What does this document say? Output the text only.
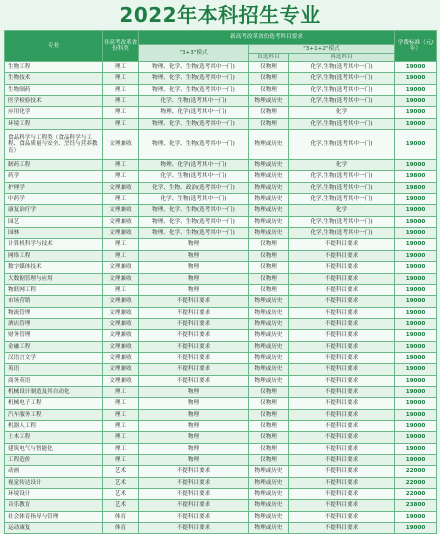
2022年本科招生专业
专业	非高考改革省份科类	新高考改革省份选考科目要求			学费标准（元/年）
		"3+3"模式	"3+1+2"模式		
			首选科目	再选科目	
生物工程	理工	物理、化学、生物(选考其中一门)	仅物理	化学,生物(选考其中一门)	19000
生物技术	理工	物理、化学、生物(选考其中一门)	仅物理	化学,生物(选考其中一门)	19000
生物制药	理工	物理、化学、生物(选考其中一门)	仅物理	化学,生物(选考其中一门)	19000
医学检验技术	理工	化学、生物(选考其中一门)	物理或历史	化学,生物(选考其中一门)	19000
应用化学	理工	物理、化学(选考其中一门)	仅物理	化学	19000
环境工程	理工	物理、化学、生物(选考其中一门)	仅物理	化学,生物(选考其中一门)	19000
食品科学与工程类（食品科学与工程、食品质量与安全、烹饪与营养教育）	文理兼收	物理、化学、生物(选考其中一门)	物理或历史	化学,生物(选考其中一门)	19000
制药工程	理工	物理、化学(选考其中一门)	物理或历史	化学	19000
药学	理工	化学、生物(选考其中一门)	物理或历史	化学,生物(选考其中一门)	19800
护理学	文理兼收	化学、生物、政治(选考其中一门)	物理或历史	化学,生物(选考其中一门)	19800
中药学	理工	化学、生物(选考其中一门)	物理或历史	化学,生物(选考其中一门)	19000
康复治疗学	文理兼收	物理、化学、生物(选考其中一门)	物理或历史	化学	19000
园艺	文理兼收	物理、化学、生物(选考其中一门)	物理或历史	化学,生物(选考其中一门)	19000
园林	文理兼收	物理、化学、生物(选考其中一门)	物理或历史	化学,生物(选考其中一门)	19000
计算机科学与技术	理工	物理	仅物理	不提科目要求	19000
网络工程	理工	物理	仅物理	不提科目要求	19000
数字媒体技术	文理兼收	物理	仅物理	不提科目要求	19000
大数据管理与应用	文理兼收	物理	仅物理	不提科目要求	19000
物联网工程	理工	物理	仅物理	不提科目要求	19000
市场营销	文理兼收	不提科目要求	物理或历史	不提科目要求	19000
物流管理	文理兼收	不提科目要求	物理或历史	不提科目要求	19000
酒店管理	文理兼收	不提科目要求	物理或历史	不提科目要求	19000
财务管理	文理兼收	不提科目要求	物理或历史	不提科目要求	19000
金融工程	文理兼收	不提科目要求	物理或历史	不提科目要求	19000
汉语言文学	文理兼收	不提科目要求	物理或历史	不提科目要求	19000
英语	文理兼收	不提科目要求	物理或历史	不提科目要求	19000
商务英语	文理兼收	不提科目要求	物理或历史	不提科目要求	19000
机械设计制造及其自动化	理工	物理	仅物理	不提科目要求	19000
机械电子工程	理工	物理	仅物理	不提科目要求	19000
汽车服务工程	理工	物理	仅物理	不提科目要求	19000
机器人工程	理工	物理	仅物理	不提科目要求	19000
土木工程	理工	物理	仅物理	不提科目要求	19000
建筑电气与智能化	理工	物理	仅物理	不提科目要求	19000
工程造价	理工	物理	仅物理	不提科目要求	19000
动画	艺术	不提科目要求	物理或历史	不提科目要求	22000
视觉传达设计	艺术	不提科目要求	物理或历史	不提科目要求	22000
环境设计	艺术	不提科目要求	物理或历史	不提科目要求	22000
音乐教育	艺术	不提科目要求	物理或历史	不提科目要求	23800
社会体育指导与管理	体育	不提科目要求	物理或历史	不提科目要求	19000
运动康复	体育	不提科目要求	物理或历史	不提科目要求	19000
